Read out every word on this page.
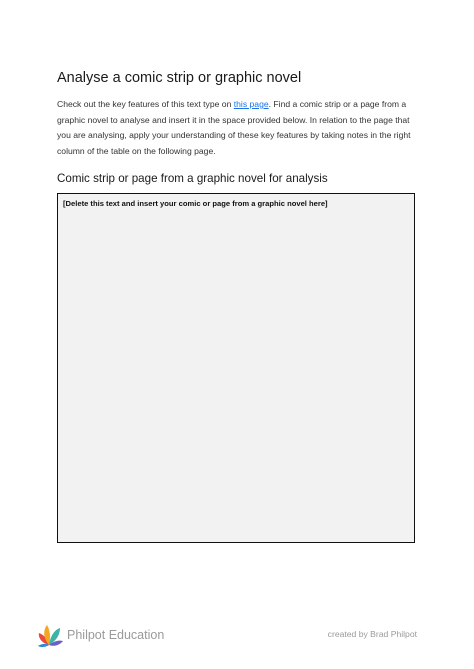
Analyse a comic strip or graphic novel

Check out the key features of this text type on this page. Find a comic strip or a page from a graphic novel to analyse and insert it in the space provided below. In relation to the page that you are analysing, apply your understanding of these key features by taking notes in the right column of the table on the following page.

Comic strip or page from a graphic novel for analysis
[Delete this text and insert your comic or page from a graphic novel here]
Philpot Education	created by Brad Philpot
